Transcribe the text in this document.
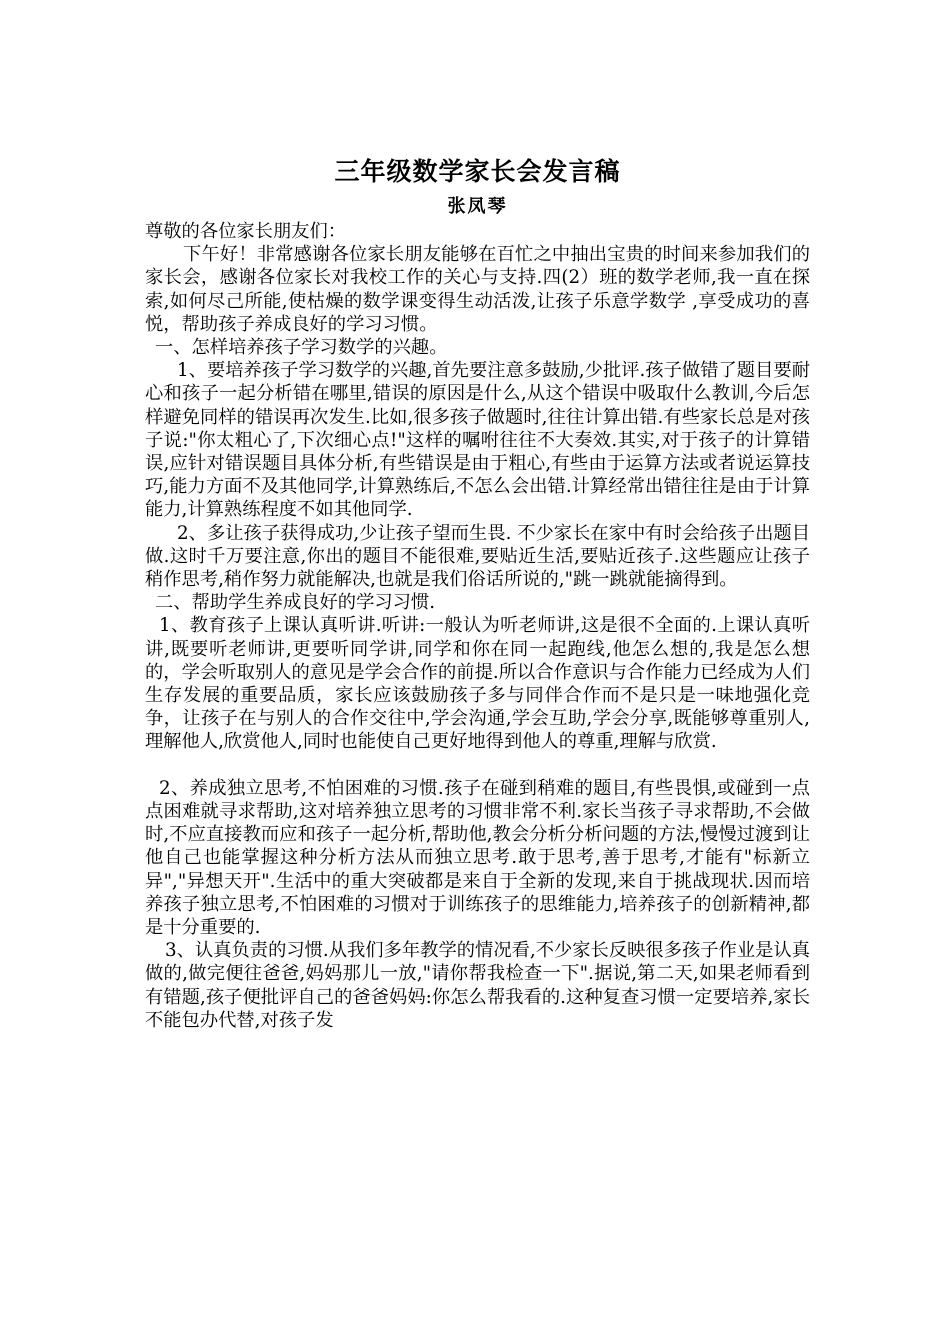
三年级数学家长会发言稿
张凤琴

尊敬的各位家长朋友们：

下午好！非常感谢各位家长朋友能够在百忙之中抽出宝贵的时间来参加我们的家长会，感谢各位家长对我校工作的关心与支持.四(2）班的数学老师,我一直在探索,如何尽己所能,使枯燥的数学课变得生动活泼,让孩子乐意学数学 ,享受成功的喜悦，帮助孩子养成良好的学习习惯。

一、怎样培养孩子学习数学的兴趣。

1、要培养孩子学习数学的兴趣,首先要注意多鼓励,少批评.孩子做错了题目要耐心和孩子一起分析错在哪里,错误的原因是什么,从这个错误中吸取什么教训,今后怎样避免同样的错误再次发生.比如,很多孩子做题时,往往计算出错.有些家长总是对孩子说:"你太粗心了,下次细心点!"这样的嘱咐往往不大奏效.其实,对于孩子的计算错误,应针对错误题目具体分析,有些错误是由于粗心,有些由于运算方法或者说运算技巧,能力方面不及其他同学,计算熟练后,不怎么会出错.计算经常出错往往是由于计算能力,计算熟练程度不如其他同学.

2、多让孩子获得成功,少让孩子望而生畏. 不少家长在家中有时会给孩子出题目做.这时千万要注意,你出的题目不能很难,要贴近生活,要贴近孩子.这些题应让孩子稍作思考,稍作努力就能解决,也就是我们俗话所说的,"跳一跳就能摘得到。

二、帮助学生养成良好的学习习惯.

1、教育孩子上课认真听讲.听讲:一般认为听老师讲,这是很不全面的.上课认真听讲,既要听老师讲,更要听同学讲,同学和你在同一起跑线,他怎么想的,我是怎么想的，学会听取别人的意见是学会合作的前提.所以合作意识与合作能力已经成为人们生存发展的重要品质，家长应该鼓励孩子多与同伴合作而不是只是一味地强化竞争，让孩子在与别人的合作交往中,学会沟通,学会互助,学会分享,既能够尊重别人,理解他人,欣赏他人,同时也能使自己更好地得到他人的尊重,理解与欣赏.

2、养成独立思考,不怕困难的习惯.孩子在碰到稍难的题目,有些畏惧,或碰到一点点困难就寻求帮助,这对培养独立思考的习惯非常不利.家长当孩子寻求帮助,不会做时,不应直接教而应和孩子一起分析,帮助他,教会分析分析问题的方法,慢慢过渡到让他自己也能掌握这种分析方法从而独立思考.敢于思考,善于思考,才能有"标新立异","异想天开".生活中的重大突破都是来自于全新的发现,来自于挑战现状.因而培养孩子独立思考,不怕困难的习惯对于训练孩子的思维能力,培养孩子的创新精神,都是十分重要的.

3、认真负责的习惯.从我们多年教学的情况看,不少家长反映很多孩子作业是认真做的,做完便往爸爸,妈妈那儿一放,"请你帮我检查一下".据说,第二天,如果老师看到有错题,孩子便批评自己的爸爸妈妈:你怎么帮我看的.这种复查习惯一定要培养,家长不能包办代替,对孩子发
